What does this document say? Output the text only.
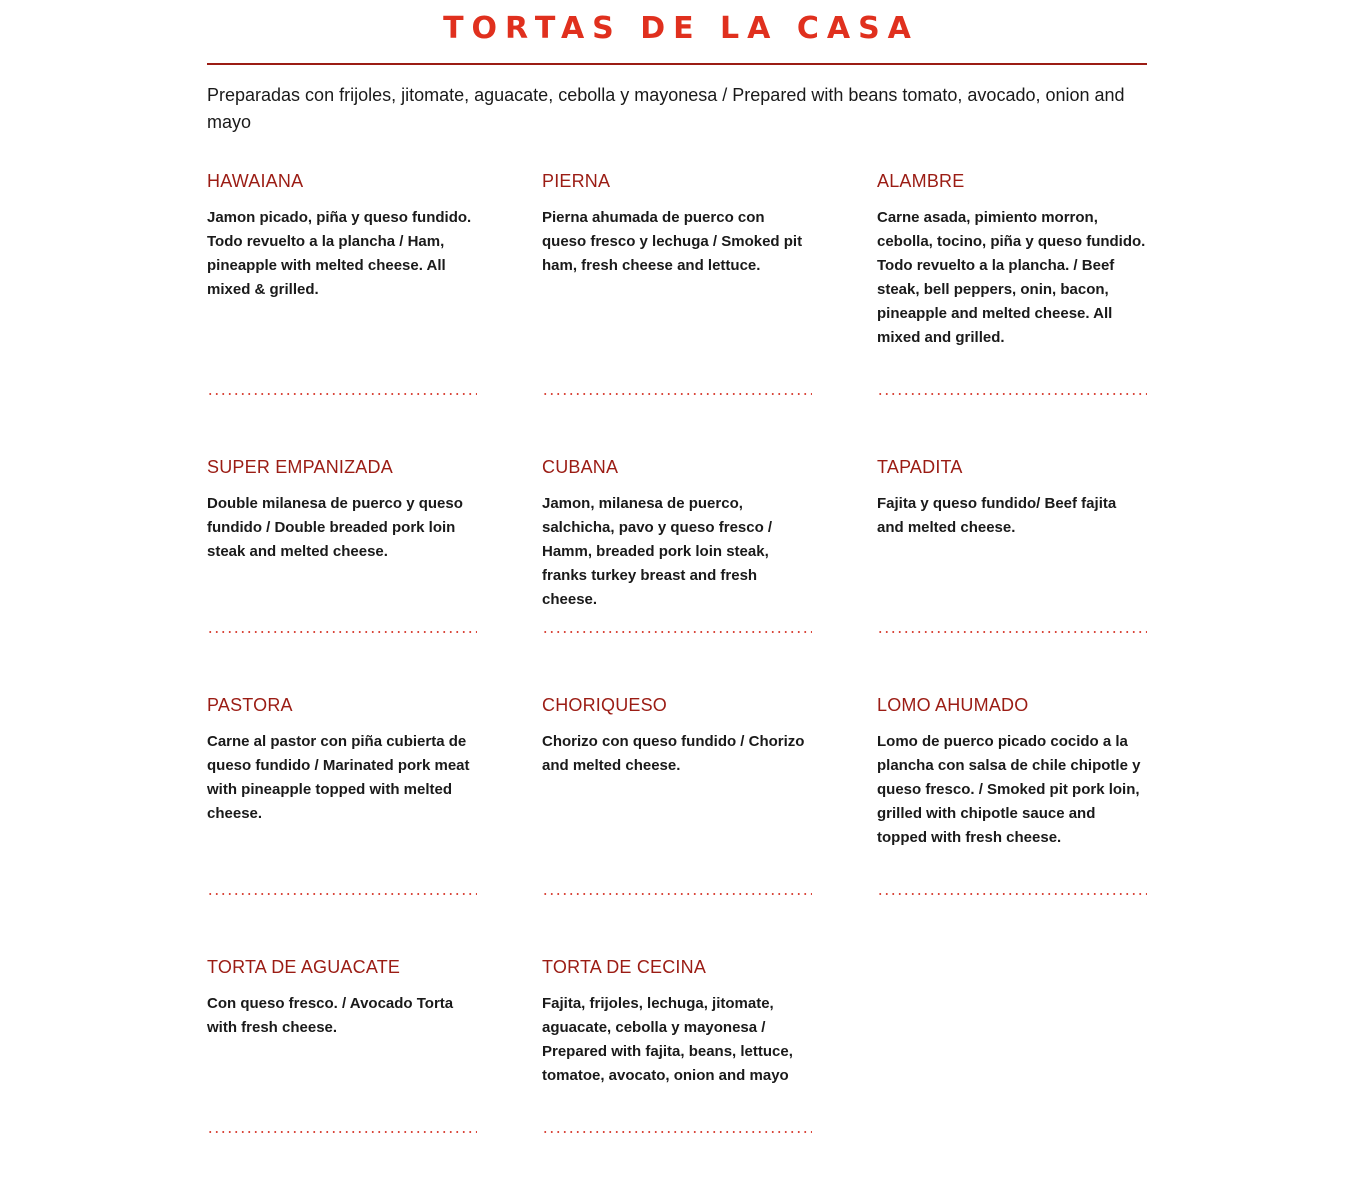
TORTAS DE LA CASA

Preparadas con frijoles, jitomate, aguacate, cebolla y mayonesa / Prepared with beans tomato, avocado, onion and mayo

HAWAIANA

Jamon picado, piña y queso fundido. Todo revuelto a la plancha / Ham, pineapple with melted cheese. All mixed & grilled.

PIERNA

Pierna ahumada de puerco con queso fresco y lechuga / Smoked pit ham, fresh cheese and lettuce.

ALAMBRE

Carne asada, pimiento morron, cebolla, tocino, piña y queso fundido. Todo revuelto a la plancha. / Beef steak, bell peppers, onin, bacon, pineapple and melted cheese. All mixed and grilled.

SUPER EMPANIZADA

Double milanesa de puerco y queso fundido / Double breaded pork loin steak and melted cheese.

CUBANA

Jamon, milanesa de puerco, salchicha, pavo y queso fresco / Hamm, breaded pork loin steak, franks turkey breast and fresh cheese.

TAPADITA

Fajita y queso fundido/ Beef fajita and melted cheese.

PASTORA

Carne al pastor con piña cubierta de queso fundido / Marinated pork meat with pineapple topped with melted cheese.

CHORIQUESO

Chorizo con queso fundido / Chorizo and melted cheese.

LOMO AHUMADO

Lomo de puerco picado cocido a la plancha con salsa de chile chipotle y queso fresco. / Smoked pit pork loin, grilled with chipotle sauce and topped with fresh cheese.

TORTA DE AGUACATE

Con queso fresco. / Avocado Torta with fresh cheese.

TORTA DE CECINA

Fajita, frijoles, lechuga, jitomate, aguacate, cebolla y mayonesa / Prepared with fajita, beans, lettuce, tomatoe, avocato, onion and mayo
